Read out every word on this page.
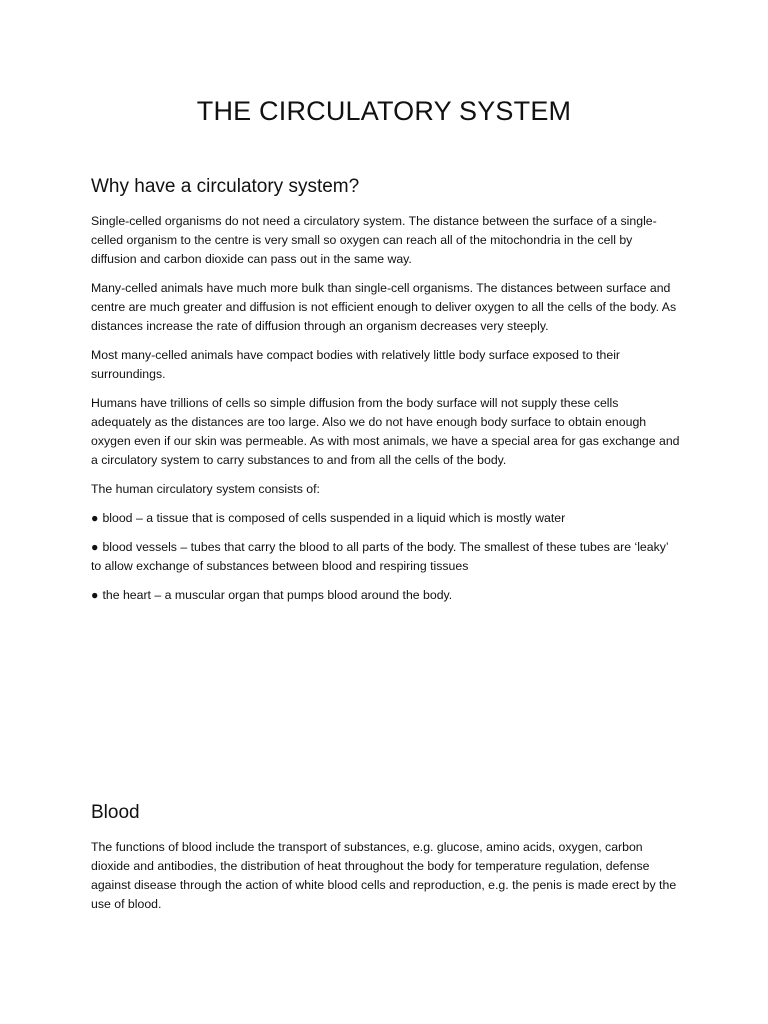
THE CIRCULATORY SYSTEM
Why have a circulatory system?

Single-celled organisms do not need a circulatory system. The distance between the surface of a single-celled organism to the centre is very small so oxygen can reach all of the mitochondria in the cell by diffusion and carbon dioxide can pass out in the same way.

Many-celled animals have much more bulk than single-cell organisms. The distances between surface and centre are much greater and diffusion is not efficient enough to deliver oxygen to all the cells of the body. As distances increase the rate of diffusion through an organism decreases very steeply.

Most many-celled animals have compact bodies with relatively little body surface exposed to their surroundings.

Humans have trillions of cells so simple diffusion from the body surface will not supply these cells adequately as the distances are too large. Also we do not have enough body surface to obtain enough oxygen even if our skin was permeable. As with most animals, we have a special area for gas exchange and a circulatory system to carry substances to and from all the cells of the body.

The human circulatory system consists of:

● blood – a tissue that is composed of cells suspended in a liquid which is mostly water

● blood vessels – tubes that carry the blood to all parts of the body. The smallest of these tubes are ‘leaky’ to allow exchange of substances between blood and respiring tissues

● the heart – a muscular organ that pumps blood around the body.

Blood

The functions of blood include the transport of substances, e.g. glucose, amino acids, oxygen, carbon dioxide and antibodies, the distribution of heat throughout the body for temperature regulation, defense against disease through the action of white blood cells and reproduction, e.g. the penis is made erect by the use of blood.
